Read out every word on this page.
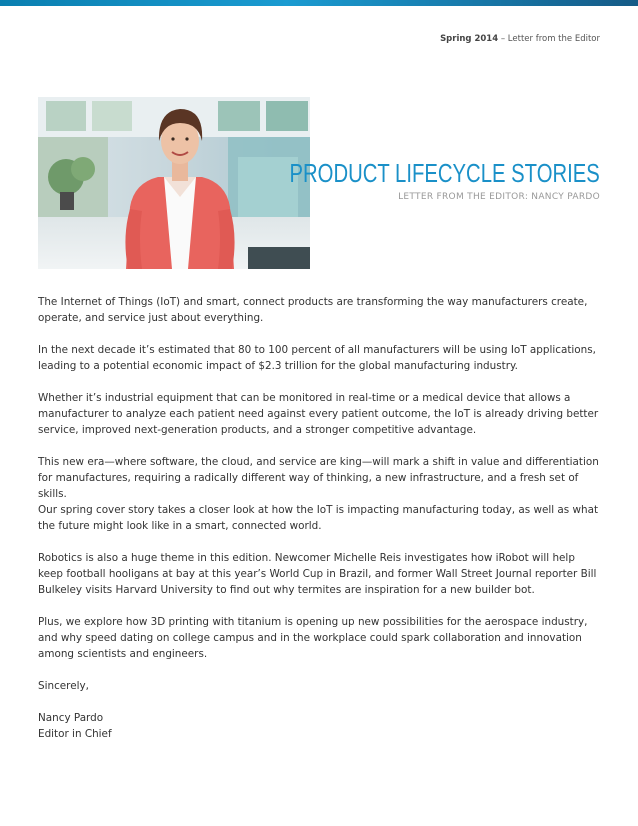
Spring 2014 – Letter from the Editor
PRODUCT LIFECYCLE STORIES
LETTER FROM THE EDITOR: NANCY PARDO

The Internet of Things (IoT) and smart, connect products are transforming the way manufacturers create, operate, and service just about everything.

In the next decade it’s estimated that 80 to 100 percent of all manufacturers will be using IoT applications, leading to a potential economic impact of $2.3 trillion for the global manufacturing industry.

Whether it’s industrial equipment that can be monitored in real-time or a medical device that allows a manufacturer to analyze each patient need against every patient outcome, the IoT is already driving better service, improved next-generation products, and a stronger competitive advantage.

This new era—where software, the cloud, and service are king—will mark a shift in value and differentiation for manufactures, requiring a radically different way of thinking, a new infrastructure, and a fresh set of skills.

Our spring cover story takes a closer look at how the IoT is impacting manufacturing today, as well as what the future might look like in a smart, connected world.

Robotics is also a huge theme in this edition. Newcomer Michelle Reis investigates how iRobot will help keep football hooligans at bay at this year’s World Cup in Brazil, and former Wall Street Journal reporter Bill Bulkeley visits Harvard University to find out why termites are inspiration for a new builder bot.

Plus, we explore how 3D printing with titanium is opening up new possibilities for the aerospace industry, and why speed dating on college campus and in the workplace could spark collaboration and innovation among scientists and engineers.

Sincerely,

Nancy Pardo

Editor in Chief
